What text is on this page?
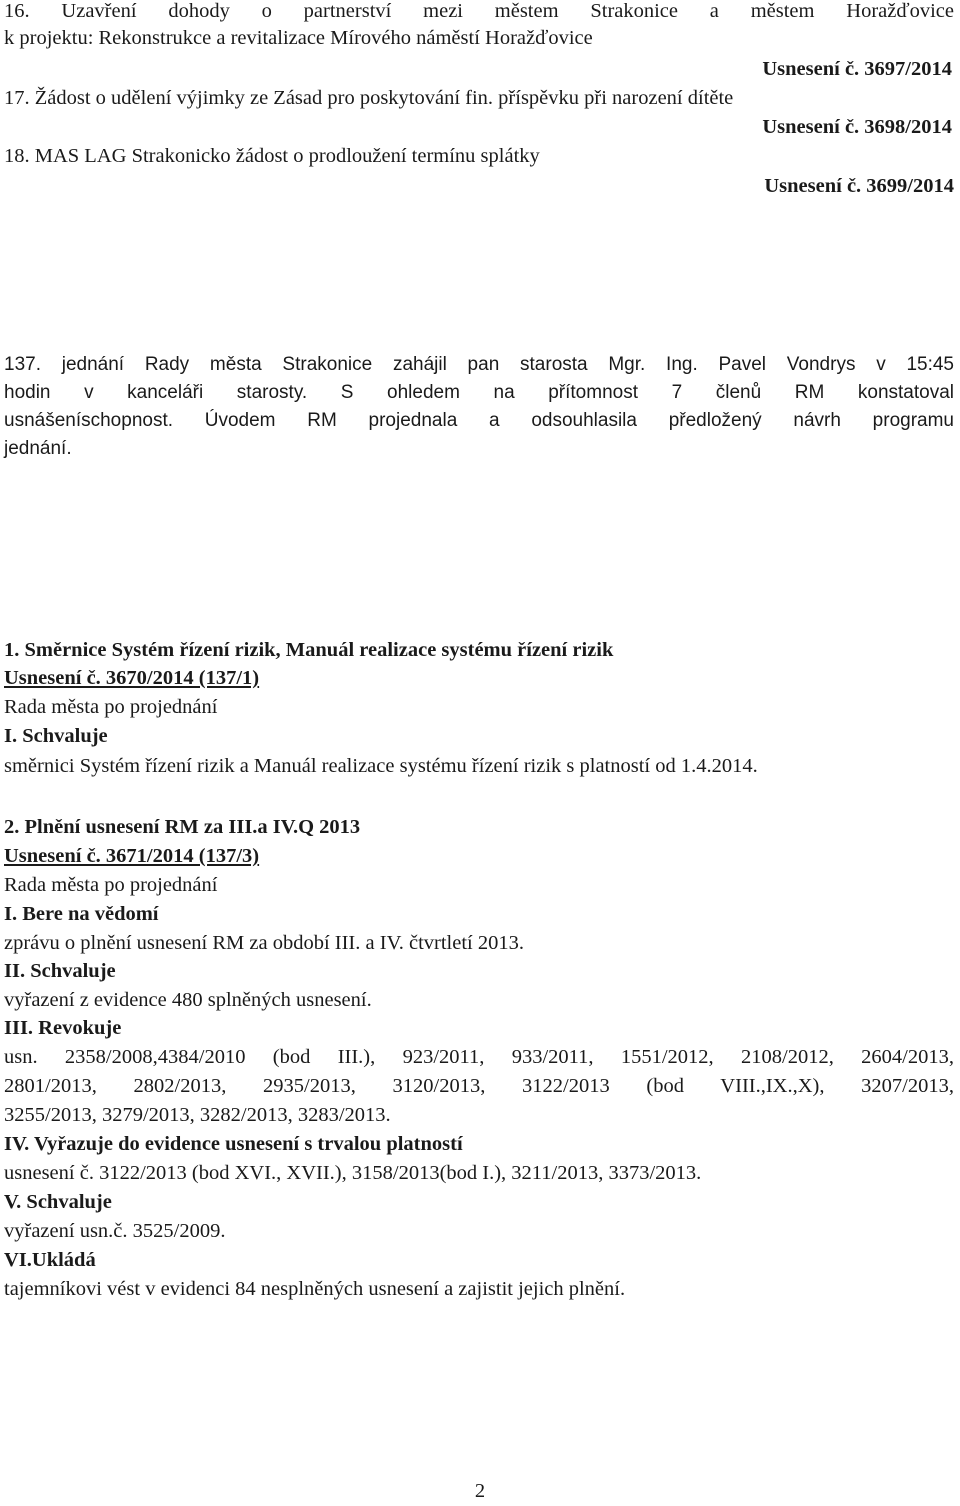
16. Uzavření dohody o partnerství mezi městem Strakonice a městem Horažďovice
k projektu: Rekonstrukce a revitalizace Mírového náměstí Horažďovice
Usnesení č. 3697/2014
17. Žádost o udělení výjimky ze Zásad pro poskytování fin. příspěvku při narození dítěte
Usnesení č. 3698/2014
18. MAS LAG Strakonicko žádost o prodloužení termínu splátky
Usnesení č. 3699/2014
137. jednání Rady města Strakonice zahájil pan starosta Mgr. Ing. Pavel Vondrys v 15:45
hodin v kanceláři starosty. S ohledem na přítomnost 7 členů RM konstatoval
usnášeníschopnost. Úvodem RM projednala a odsouhlasila předložený návrh programu
jednání.
1. Směrnice Systém řízení rizik, Manuál realizace systému řízení rizik
Usnesení č. 3670/2014 (137/1)
Rada města po projednání
I. Schvaluje
směrnici Systém řízení rizik a Manuál realizace systému řízení rizik s platností od 1.4.2014.
2. Plnění usnesení RM za III.a IV.Q 2013
Usnesení č. 3671/2014 (137/3)
Rada města po projednání
I. Bere na vědomí
zprávu o plnění usnesení RM za období III. a IV. čtvrtletí 2013.
II. Schvaluje
vyřazení z evidence 480 splněných usnesení.
III. Revokuje
usn. 2358/2008,4384/2010 (bod III.), 923/2011, 933/2011, 1551/2012, 2108/2012, 2604/2013,
2801/2013, 2802/2013, 2935/2013, 3120/2013, 3122/2013 (bod VIII.,IX.,X), 3207/2013,
3255/2013, 3279/2013, 3282/2013, 3283/2013.
IV. Vyřazuje do evidence usnesení s trvalou platností
usnesení č. 3122/2013 (bod XVI., XVII.), 3158/2013(bod I.), 3211/2013, 3373/2013.
V. Schvaluje
vyřazení usn.č. 3525/2009.
VI.Ukládá
tajemníkovi vést v evidenci 84 nesplněných usnesení a zajistit jejich plnění.
2
